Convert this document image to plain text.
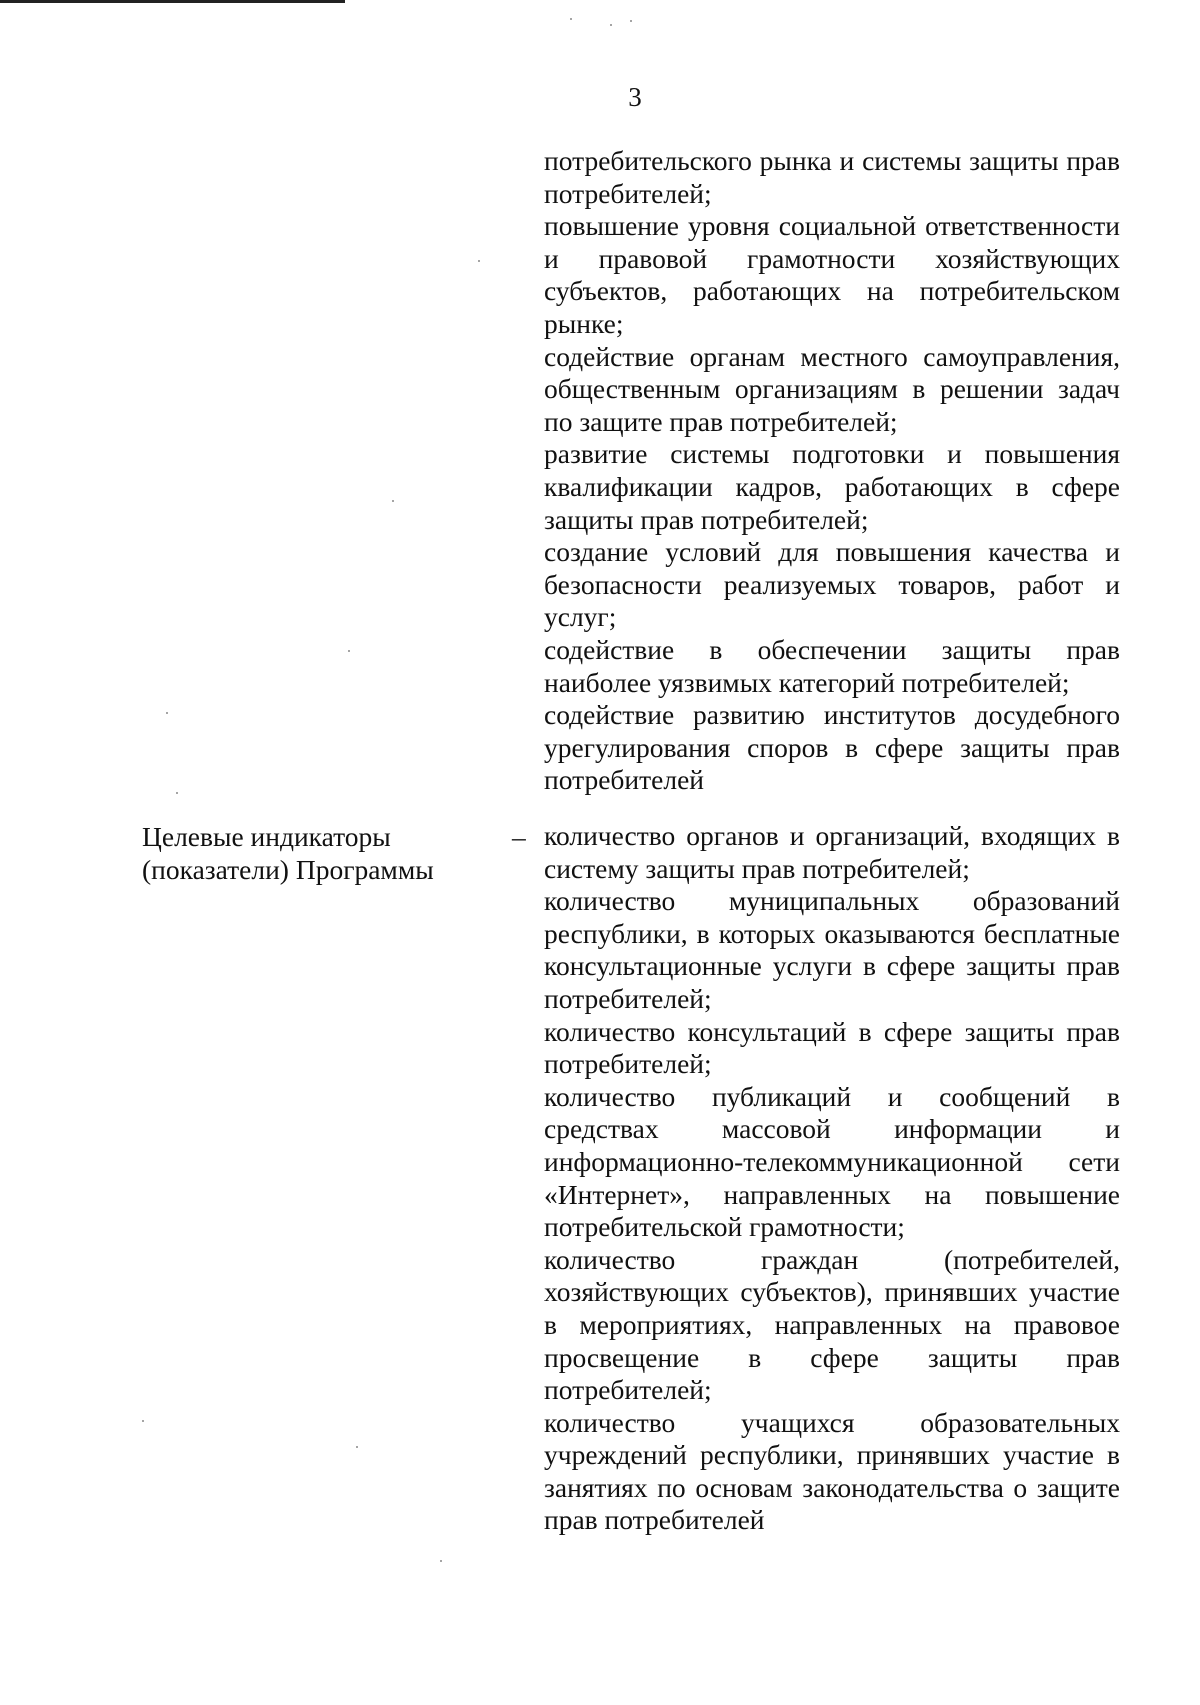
3

потребительского рынка и системы защиты прав потребителей;

повышение уровня социальной ответственности и правовой грамотности хозяйствующих субъектов, работающих на потребительском рынке;

содействие органам местного самоуправления, общественным организациям в решении задач по защите прав потребителей;

развитие системы подготовки и повышения квалификации кадров, работающих в сфере защиты прав потребителей;

создание условий для повышения качества и безопасности реализуемых товаров, работ и услуг;

содействие в обеспечении защиты прав наиболее уязвимых категорий потребителей;

содействие развитию институтов досудебного урегулирования споров в сфере защиты прав потребителей

Целевые индикаторы
(показатели) Программы
– количество органов и организаций, входящих в систему защиты прав потребителей;

количество муниципальных образований республики, в которых оказываются бесплатные консультационные услуги в сфере защиты прав потребителей;

количество консультаций в сфере защиты прав потребителей;

количество публикаций и сообщений в средствах массовой информации и информационно-телекоммуникационной сети «Интернет», направленных на повышение потребительской грамотности;

количество граждан (потребителей, хозяйствующих субъектов), принявших участие в мероприятиях, направленных на правовое просвещение в сфере защиты прав потребителей;

количество учащихся образовательных учреждений республики, принявших участие в занятиях по основам законодательства о защите прав потребителей
